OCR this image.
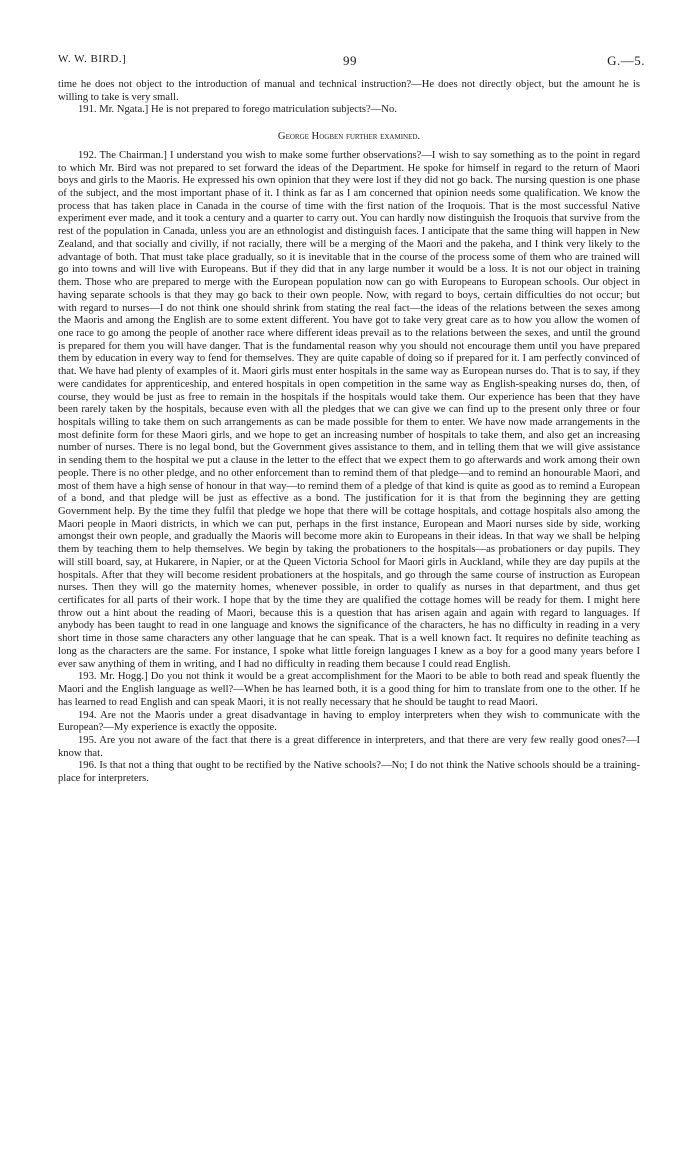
W. W. BIRD.]	99	G.—5.

time he does not object to the introduction of manual and technical instruction?—He does not directly object, but the amount he is willing to take is very small.

191. Mr. Ngata.] He is not prepared to forego matriculation subjects?—No.

George Hogben further examined.

192. The Chairman.] I understand you wish to make some further observations?—I wish to say something as to the point in regard to which Mr. Bird was not prepared to set forward the ideas of the Department. He spoke for himself in regard to the return of Maori boys and girls to the Maoris. He expressed his own opinion that they were lost if they did not go back. The nursing question is one phase of the subject, and the most important phase of it. I think as far as I am concerned that opinion needs some qualification. We know the process that has taken place in Canada in the course of time with the first nation of the Iroquois. That is the most successful Native experiment ever made, and it took a century and a quarter to carry out. You can hardly now distinguish the Iroquois that survive from the rest of the population in Canada, unless you are an ethnologist and distinguish faces. I anticipate that the same thing will happen in New Zealand, and that socially and civilly, if not racially, there will be a merging of the Maori and the pakeha, and I think very likely to the advantage of both. That must take place gradually, so it is inevitable that in the course of the process some of them who are trained will go into towns and will live with Europeans. But if they did that in any large number it would be a loss. It is not our object in training them. Those who are prepared to merge with the European population now can go with Europeans to European schools. Our object in having separate schools is that they may go back to their own people. Now, with regard to boys, certain difficulties do not occur; but with regard to nurses—I do not think one should shrink from stating the real fact—the ideas of the relations between the sexes among the Maoris and among the English are to some extent different. You have got to take very great care as to how you allow the women of one race to go among the people of another race where different ideas prevail as to the relations between the sexes, and until the ground is prepared for them you will have danger. That is the fundamental reason why you should not encourage them until you have prepared them by education in every way to fend for themselves. They are quite capable of doing so if prepared for it. I am perfectly convinced of that. We have had plenty of examples of it. Maori girls must enter hospitals in the same way as European nurses do. That is to say, if they were candidates for apprenticeship, and entered hospitals in open competition in the same way as English-speaking nurses do, then, of course, they would be just as free to remain in the hospitals if the hospitals would take them. Our experience has been that they have been rarely taken by the hospitals, because even with all the pledges that we can give we can find up to the present only three or four hospitals willing to take them on such arrangements as can be made possible for them to enter. We have now made arrangements in the most definite form for these Maori girls, and we hope to get an increasing number of hospitals to take them, and also get an increasing number of nurses. There is no legal bond, but the Government gives assistance to them, and in telling them that we will give assistance in sending them to the hospital we put a clause in the letter to the effect that we expect them to go afterwards and work among their own people. There is no other pledge, and no other enforcement than to remind them of that pledge—and to remind an honourable Maori, and most of them have a high sense of honour in that way—to remind them of a pledge of that kind is quite as good as to remind a European of a bond, and that pledge will be just as effective as a bond. The justification for it is that from the beginning they are getting Government help. By the time they fulfil that pledge we hope that there will be cottage hospitals, and cottage hospitals also among the Maori people in Maori districts, in which we can put, perhaps in the first instance, European and Maori nurses side by side, working amongst their own people, and gradually the Maoris will become more akin to Europeans in their ideas. In that way we shall be helping them by teaching them to help themselves. We begin by taking the probationers to the hospitals—as probationers or day pupils. They will still board, say, at Hukarere, in Napier, or at the Queen Victoria School for Maori girls in Auckland, while they are day pupils at the hospitals. After that they will become resident probationers at the hospitals, and go through the same course of instruction as European nurses. Then they will go the maternity homes, whenever possible, in order to qualify as nurses in that department, and thus get certificates for all parts of their work. I hope that by the time they are qualified the cottage homes will be ready for them. I might here throw out a hint about the reading of Maori, because this is a question that has arisen again and again with regard to languages. If anybody has been taught to read in one language and knows the significance of the characters, he has no difficulty in reading in a very short time in those same characters any other language that he can speak. That is a well known fact. It requires no definite teaching as long as the characters are the same. For instance, I spoke what little foreign languages I knew as a boy for a good many years before I ever saw anything of them in writing, and I had no difficulty in reading them because I could read English.

193. Mr. Hogg.] Do you not think it would be a great accomplishment for the Maori to be able to both read and speak fluently the Maori and the English language as well?—When he has learned both, it is a good thing for him to translate from one to the other. If he has learned to read English and can speak Maori, it is not really necessary that he should be taught to read Maori.

194. Are not the Maoris under a great disadvantage in having to employ interpreters when they wish to communicate with the European?—My experience is exactly the opposite.

195. Are you not aware of the fact that there is a great difference in interpreters, and that there are very few really good ones?—I know that.

196. Is that not a thing that ought to be rectified by the Native schools?—No; I do not think the Native schools should be a training-place for interpreters.
